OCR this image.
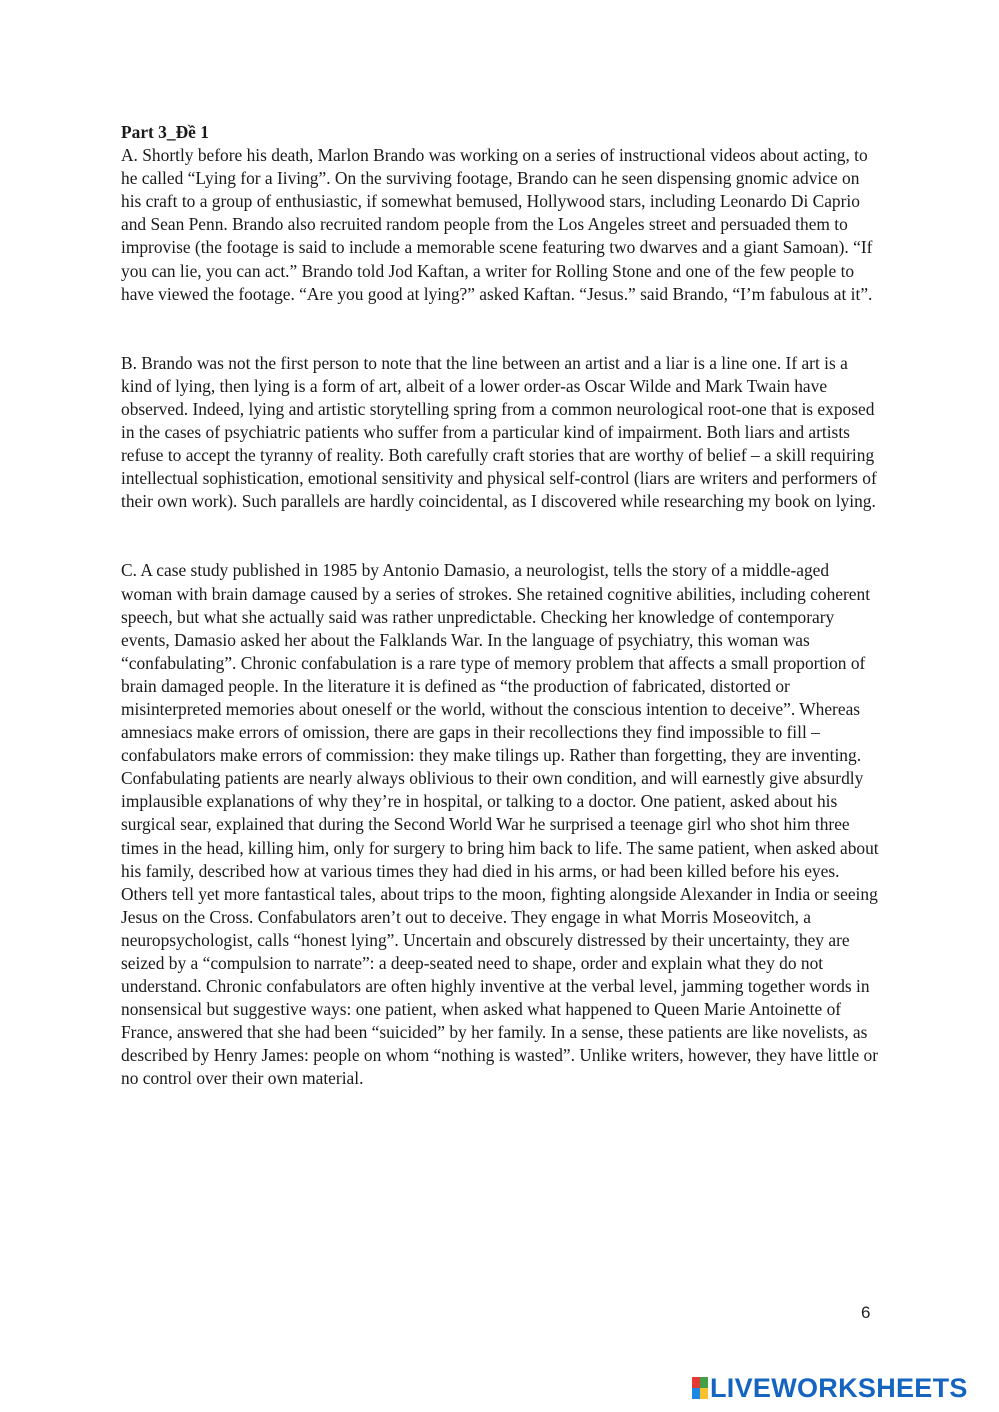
Part 3_Đề 1

A. Shortly before his death, Marlon Brando was working on a series of instructional videos about acting, to he called “Lying for a Iiving”. On the surviving footage, Brando can he seen dispensing gnomic advice on his craft to a group of enthusiastic, if somewhat bemused, Hollywood stars, including Leonardo Di Caprio and Sean Penn. Brando also recruited random people from the Los Angeles street and persuaded them to improvise (the footage is said to include a memorable scene featuring two dwarves and a giant Samoan). “If you can lie, you can act.” Brando told Jod Kaftan, a writer for Rolling Stone and one of the few people to have viewed the footage. “Are you good at lying?” asked Kaftan. “Jesus.” said Brando, “I’m fabulous at it”.

B. Brando was not the first person to note that the line between an artist and a liar is a line one. If art is a kind of lying, then lying is a form of art, albeit of a lower order-as Oscar Wilde and Mark Twain have observed. Indeed, lying and artistic storytelling spring from a common neurological root-one that is exposed in the cases of psychiatric patients who suffer from a particular kind of impairment. Both liars and artists refuse to accept the tyranny of reality. Both carefully craft stories that are worthy of belief – a skill requiring intellectual sophistication, emotional sensitivity and physical self-control (liars are writers and performers of their own work). Such parallels are hardly coincidental, as I discovered while researching my book on lying.

C. A case study published in 1985 by Antonio Damasio, a neurologist, tells the story of a middle-aged woman with brain damage caused by a series of strokes. She retained cognitive abilities, including coherent speech, but what she actually said was rather unpredictable. Checking her knowledge of contemporary events, Damasio asked her about the Falklands War. In the language of psychiatry, this woman was “confabulating”. Chronic confabulation is a rare type of memory problem that affects a small proportion of brain damaged people. In the literature it is defined as “the production of fabricated, distorted or misinterpreted memories about oneself or the world, without the conscious intention to deceive”. Whereas amnesiacs make errors of omission, there are gaps in their recollections they find impossible to fill – confabulators make errors of commission: they make tilings up. Rather than forgetting, they are inventing. Confabulating patients are nearly always oblivious to their own condition, and will earnestly give absurdly implausible explanations of why they’re in hospital, or talking to a doctor. One patient, asked about his surgical sear, explained that during the Second World War he surprised a teenage girl who shot him three times in the head, killing him, only for surgery to bring him back to life. The same patient, when asked about his family, described how at various times they had died in his arms, or had been killed before his eyes. Others tell yet more fantastical tales, about trips to the moon, fighting alongside Alexander in India or seeing Jesus on the Cross. Confabulators aren’t out to deceive. They engage in what Morris Moseovitch, a neuropsychologist, calls “honest lying”. Uncertain and obscurely distressed by their uncertainty, they are seized by a “compulsion to narrate”: a deep-seated need to shape, order and explain what they do not understand. Chronic confabulators are often highly inventive at the verbal level, jamming together words in nonsensical but suggestive ways: one patient, when asked what happened to Queen Marie Antoinette of France, answered that she had been “suicided” by her family. In a sense, these patients are like novelists, as described by Henry James: people on whom “nothing is wasted”. Unlike writers, however, they have little or no control over their own material.

6
LIVEWORKSHEETS
